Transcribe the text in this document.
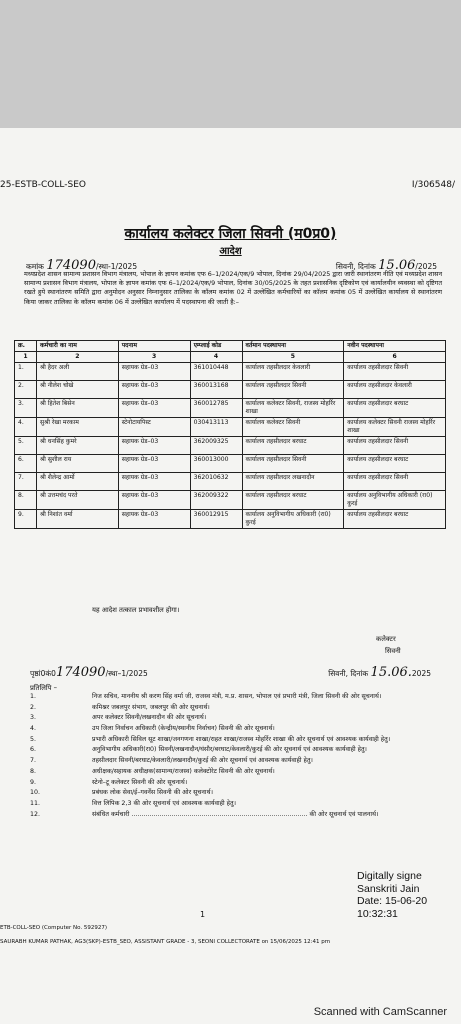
25-ESTB-COLL-SEO	I/306548/
कार्यालय कलेक्टर जिला सिवनी (म0प्र0)
आदेश
कमांक 174090/स्था-1/2025	सिवनी, दिनांक 15.06/2025
मध्यप्रदेश शासन सामान्य प्रशासन विभाग मंत्रालय, भोपाल के ज्ञापन कमांक एफ 6–1/2024/एक/9 भोपाल, दिनांक 29/04/2025 द्वारा जारी स्थानांतरण नीति एवं मध्यप्रदेश शासन सामान्य प्रशासन विभाग मंत्रालय, भोपाल के ज्ञापन कमांक एफ 6–1/2024/एक/9 भोपाल, दिनांक 30/05/2025 के तहत प्रशासनिक दृष्टिकोण एवं कार्यालयीन व्यवस्था को दृष्टिगत रखते हुये स्थानांतरण समिति द्वारा अनुमोदन अनुसार निम्नानुसार तालिका के कॉलम कमांक 02 में उल्लेखित कर्मचारियों का कॉलम कमांक 05 में उल्लेखित कार्यालय से स्थानांतरण किया जाकर तालिका के कॉलम कमांक 06 में उल्लेखित कार्यालय में पदस्थापना की जाती है:–
क्र.	कर्मचारी का नाम	पदनाम	एम्प्लाई कोड	वर्तमान पदस्थापना	नवीन पदस्थापना
1	2	3	4	5	6
1.	श्री हैदर अली	सहायक ग्रेड–03	361010448	कार्यालय तहसीलदार केवलारी	कार्यालय तहसीलदार सिवनी
2.	श्री नीलेश चोखे	सहायक ग्रेड–03	360013168	कार्यालय तहसीलदार सिवनी	कार्यालय तहसीलदार केवलारी
3.	श्री हितेश बिसेन	सहायक ग्रेड–03	360012785	कार्यालय कलेक्टर सिवनी, राजस्व मोहर्रिर शाखा	कार्यालय तहसीलदार बरघाट
4.	सुश्री रेखा मरकाम	स्टेनोटायपिस्ट	030413113	कार्यालय कलेक्टर सिवनी	कार्यालय कलेक्टर सिवनी राजस्व मोहर्रिर शाखा
5.	श्री धनसिंह कुमरे	सहायक ग्रेड–03	362009325	कार्यालय तहसीलदार बरघाट	कार्यालय तहसीलदार सिवनी
6.	श्री सुशील राय	सहायक ग्रेड–03	360013000	कार्यालय तहसीलदार सिवनी	कार्यालय तहसीलदार बरघाट
7.	श्री शैलेन्द्र आर्मो	सहायक ग्रेड–03	362010632	कार्यालय तहसीलदार लखनादौन	कार्यालय तहसीलदार सिवनी
8.	श्री उत्तमचंद परते	सहायक ग्रेड–03	362009322	कार्यालय तहसीलदार बरघाट	कार्यालय अनुविभागीय अधिकारी (रा0) कुरई
9.	श्री निशांत वर्मा	सहायक ग्रेड–03	360012915	कार्यालय अनुविभागीय अधिकारी (रा0) कुरई	कार्यालय तहसीलदार बरघाट
यह आदेश तत्काल प्रभावशील होगा।
कलेक्टर
सिवनी
पृष्ठां0कं0174090/स्था–1/2025	सिवनी, दिनांक 15.06.2025
प्रतिलिपि –
1.	निज सचिव, माननीय श्री करण सिंह वर्मा जी, राजस्व मंत्री, म.प्र. शासन, भोपाल एवं प्रभारी मंत्री, जिला सिवनी की ओर सूचनार्थ।
2.	कमिश्नर जबलपुर संभाग, जबलपुर की ओर सूचनार्थ।
3.	अपर कलेक्टर सिवनी/लखनादौन की ओर सूचनार्थ।
4.	उप जिला निर्वाचन अधिकारी (केन्द्रीय/स्थानीय निर्वाचन) सिवनी की ओर सूचनार्थ।
5.	प्रभारी अधिकारी सिविल सूट शाखा/जनगणना शाखा/राहत शाखा/राजस्व मोहर्रिर शाखा की ओर सूचनार्थ एवं आवश्यक कार्यवाही हेतु।
6.	अनुविभागीय अधिकारी(रा0) सिवनी/लखनादौन/घंसौर/बरघाट/केवलारी/कुरई की ओर सूचनार्थ एवं आवश्यक कार्यवाही हेतु।
7.	तहसीलदार सिवनी/बरघाट/केवलारी/लखनादौन/कुरई की ओर सूचनार्थ एवं आवश्यक कार्यवाही हेतु।
8.	अधीक्षक/सहायक अधीक्षक(सामान्य/राजस्व) कलेक्टोरेट सिवनी की ओर सूचनार्थ।
9.	स्टेनो–टू कलेक्टर सिवनी की ओर सूचनार्थ।
10.	प्रबंधक लोक सेवा/ई–गवर्नेंस सिवनी की ओर सूचनार्थ।
11.	वित्त लिपिक 2,3 की ओर सूचनार्थ एवं आवश्यक कार्यवाही हेतु।
12.	संबंधित कर्मचारी ........................................................................................ की ओर सूचनार्थ एवं पालनार्थ।
1
ETB-COLL-SEO (Computer No. 592927)
SAURABH KUMAR PATHAK, AG3(SKP)-ESTB_SEO, ASSISTANT GRADE - 3, SEONI COLLECTORATE on 15/06/2025 12:41 pm
Digitally signe
Sanskriti Jain
Date: 15-06-20
10:32:31
Scanned with CamScanner
